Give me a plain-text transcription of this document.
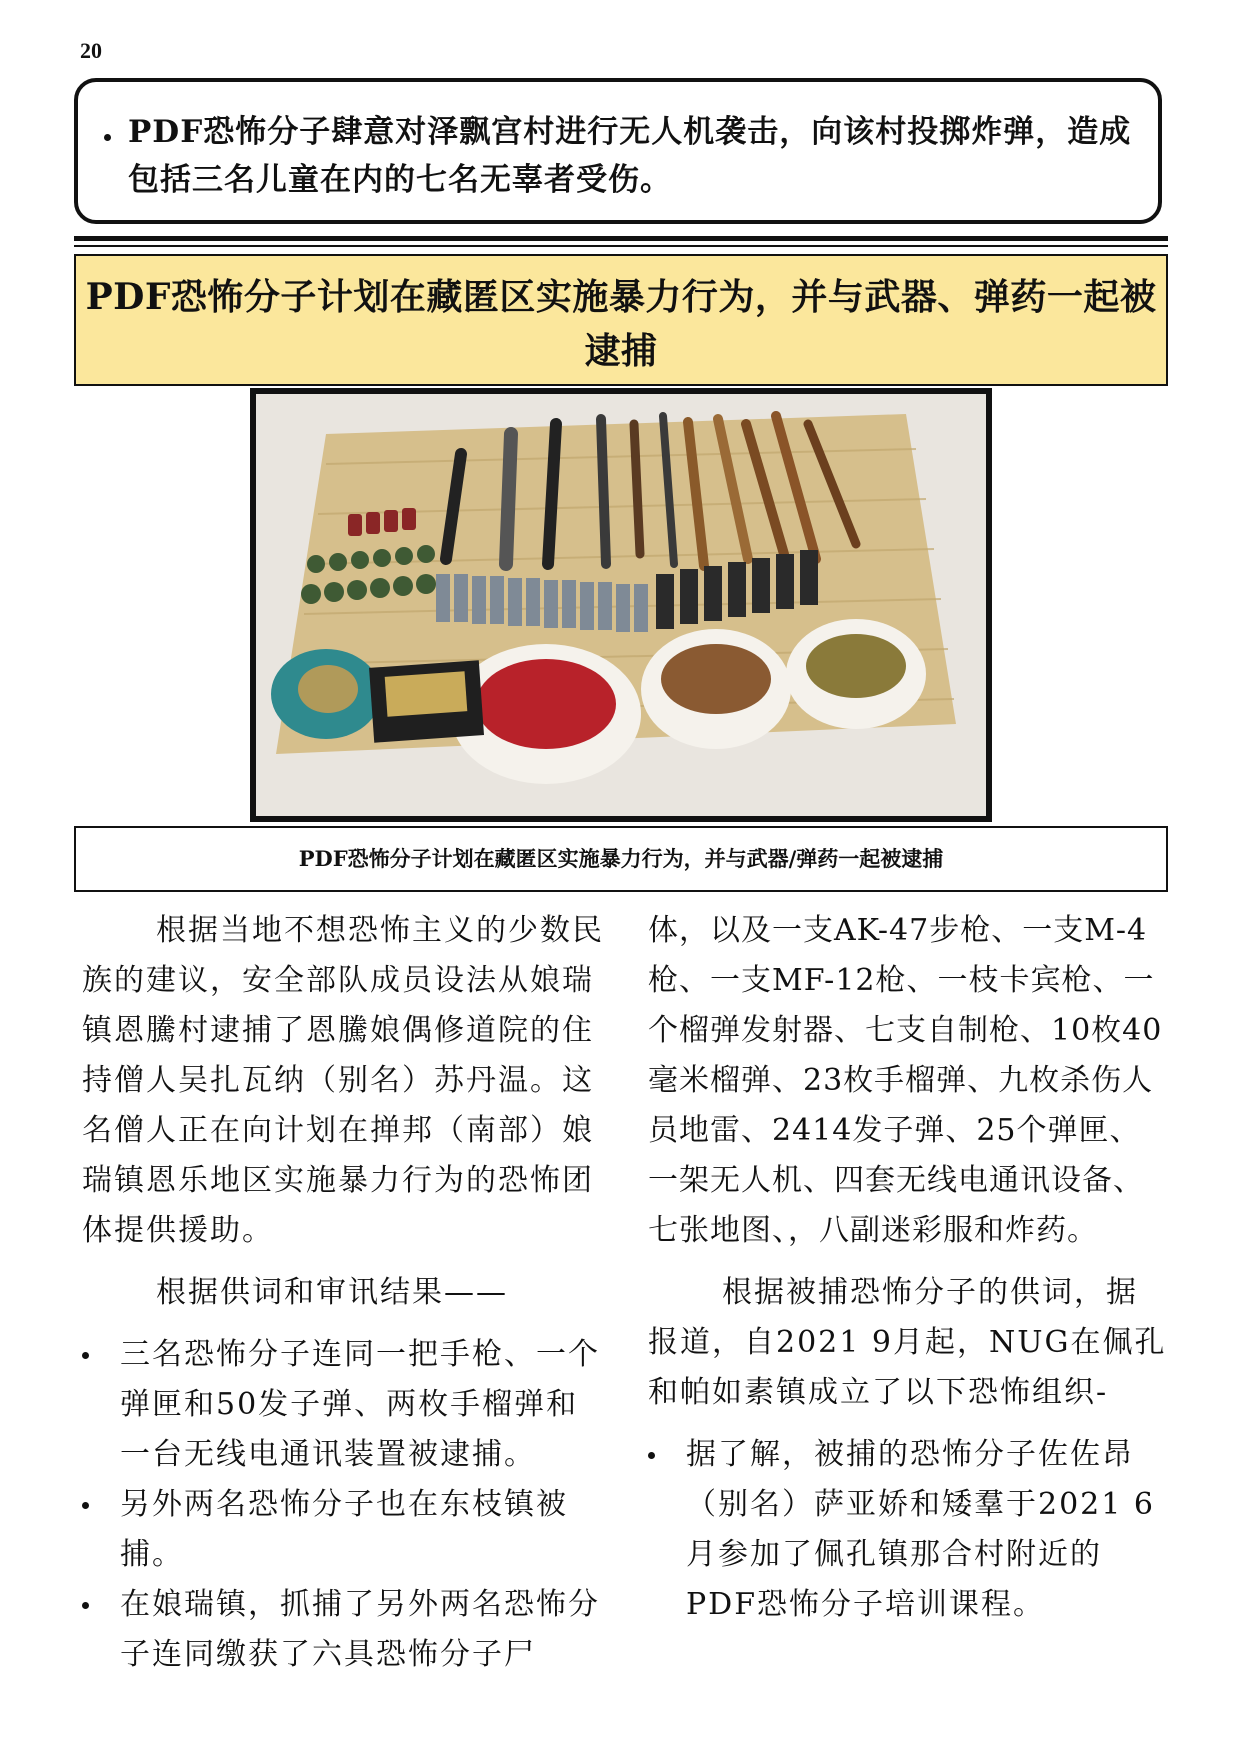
20

PDF恐怖分子肆意对泽飘宫村进行无人机袭击，向该村投掷炸弹，造成包括三名儿童在内的七名无辜者受伤。

PDF恐怖分子计划在藏匿区实施暴力行为，并与武器、弹药一起被
逮捕
PDF恐怖分子计划在藏匿区实施暴力行为，并与武器/弹药一起被逮捕

根据当地不想恐怖主义的少数民族的建议，安全部队成员设法从娘瑞镇恩騰村逮捕了恩騰娘偶修道院的住持僧人吴扎瓦纳（别名）苏丹温。这名僧人正在向计划在掸邦（南部）娘瑞镇恩乐地区实施暴力行为的恐怖团体提供援助。

根据供词和审讯结果——

三名恐怖分子连同一把手枪、一个弹匣和50发子弹、两枚手榴弹和一台无线电通讯装置被逮捕。
另外两名恐怖分子也在东枝镇被捕。
在娘瑞镇，抓捕了另外两名恐怖分子连同缴获了六具恐怖分子尸

体，以及一支AK-47步枪、一支M-4枪、一支MF-12枪、一枝卡宾枪、一个榴弹发射器、七支自制枪、10枚40毫米榴弹、23枚手榴弹、九枚杀伤人员地雷、2414发子弹、25个弹匣、一架无人机、四套无线电通讯设备、七张地图、，八副迷彩服和炸药。

根据被捕恐怖分子的供词，据报道，自2021 9月起，NUG在佩孔和帕如素镇成立了以下恐怖组织-

据了解，被捕的恐怖分子佐佐昂（别名）萨亚娇和矮羣于2021 6月参加了佩孔镇那合村附近的PDF恐怖分子培训课程。
